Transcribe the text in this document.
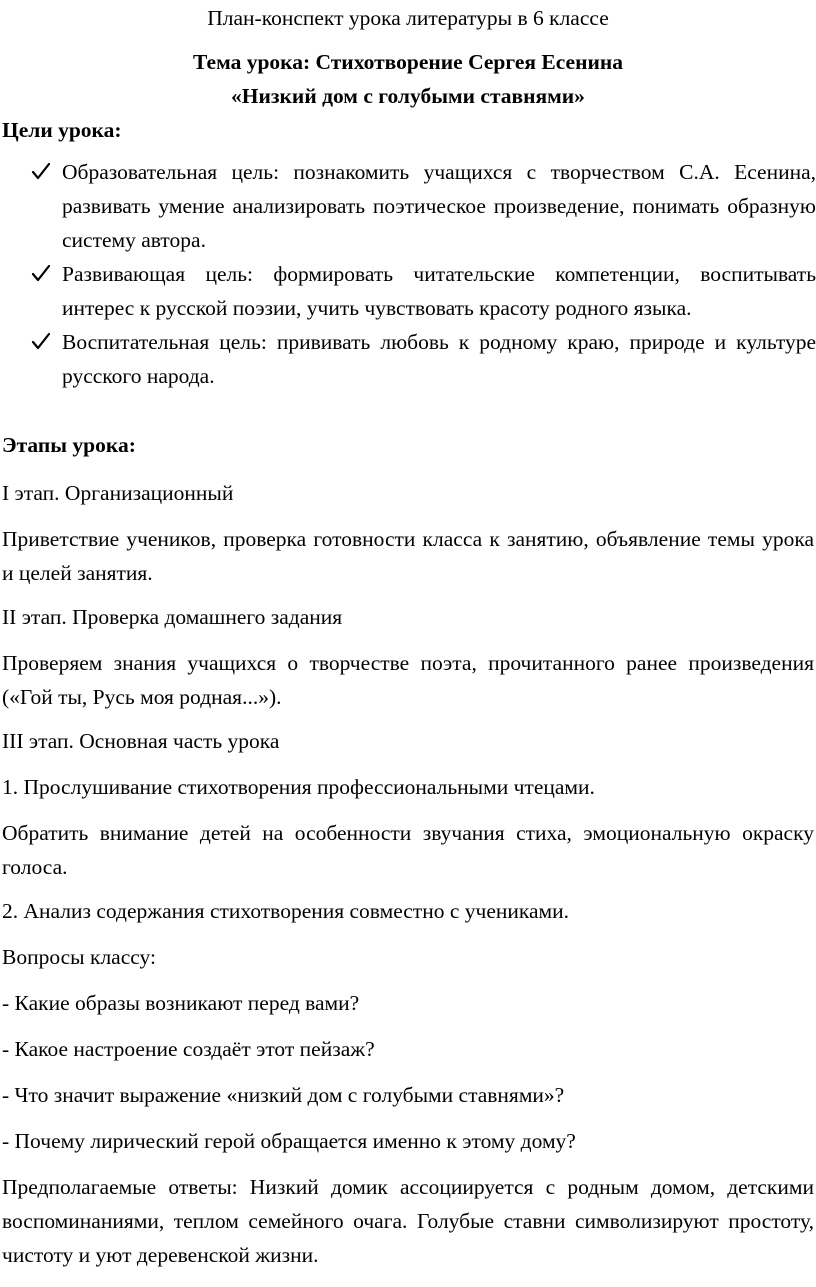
План-конспект урока литературы в 6 классе
Тема урока: Стихотворение Сергея Есенина
«Низкий дом с голубыми ставнями»
Цели урока:
Образовательная цель: познакомить учащихся с творчеством С.А. Есенина, развивать умение анализировать поэтическое произведение, понимать образную систему автора.
Развивающая цель: формировать читательские компетенции, воспитывать интерес к русской поэзии, учить чувствовать красоту родного языка.
Воспитательная цель: прививать любовь к родному краю, природе и культуре русского народа.
Этапы урока:
I этап. Организационный
Приветствие учеников, проверка готовности класса к занятию, объявление темы урока и целей занятия.
II этап. Проверка домашнего задания
Проверяем знания учащихся о творчестве поэта, прочитанного ранее произведения («Гой ты, Русь моя родная...»).
III этап. Основная часть урока
1. Прослушивание стихотворения профессиональными чтецами.
Обратить внимание детей на особенности звучания стиха, эмоциональную окраску голоса.
2. Анализ содержания стихотворения совместно с учениками.
Вопросы классу:
- Какие образы возникают перед вами?
- Какое настроение создаёт этот пейзаж?
- Что значит выражение «низкий дом с голубыми ставнями»?
- Почему лирический герой обращается именно к этому дому?
Предполагаемые ответы: Низкий домик ассоциируется с родным домом, детскими воспоминаниями, теплом семейного очага. Голубые ставни символизируют простоту, чистоту и уют деревенской жизни.
